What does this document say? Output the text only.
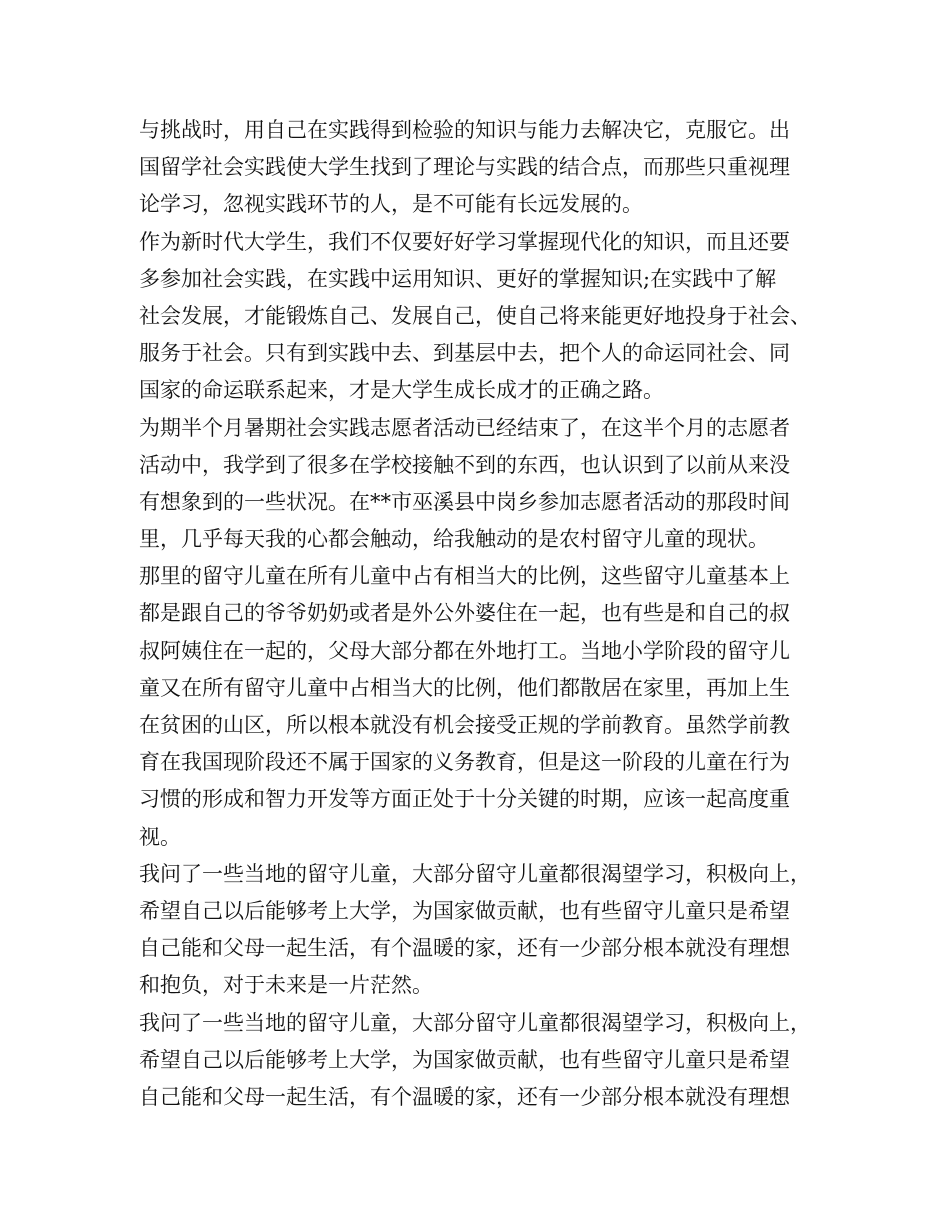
与挑战时，用自己在实践得到检验的知识与能力去解决它，克服它。出
国留学社会实践使大学生找到了理论与实践的结合点，而那些只重视理
论学习，忽视实践环节的人，是不可能有长远发展的。
作为新时代大学生，我们不仅要好好学习掌握现代化的知识，而且还要
多参加社会实践，在实践中运用知识、更好的掌握知识;在实践中了解
社会发展，才能锻炼自己、发展自己，使自己将来能更好地投身于社会、
服务于社会。只有到实践中去、到基层中去，把个人的命运同社会、同
国家的命运联系起来，才是大学生成长成才的正确之路。
为期半个月暑期社会实践志愿者活动已经结束了，在这半个月的志愿者
活动中，我学到了很多在学校接触不到的东西，也认识到了以前从来没
有想象到的一些状况。在**市巫溪县中岗乡参加志愿者活动的那段时间
里，几乎每天我的心都会触动，给我触动的是农村留守儿童的现状。
那里的留守儿童在所有儿童中占有相当大的比例，这些留守儿童基本上
都是跟自己的爷爷奶奶或者是外公外婆住在一起，也有些是和自己的叔
叔阿姨住在一起的，父母大部分都在外地打工。当地小学阶段的留守儿
童又在所有留守儿童中占相当大的比例，他们都散居在家里，再加上生
在贫困的山区，所以根本就没有机会接受正规的学前教育。虽然学前教
育在我国现阶段还不属于国家的义务教育，但是这一阶段的儿童在行为
习惯的形成和智力开发等方面正处于十分关键的时期，应该一起高度重
视。
我问了一些当地的留守儿童，大部分留守儿童都很渴望学习，积极向上，
希望自己以后能够考上大学，为国家做贡献，也有些留守儿童只是希望
自己能和父母一起生活，有个温暖的家，还有一少部分根本就没有理想
和抱负，对于未来是一片茫然。
我问了一些当地的留守儿童，大部分留守儿童都很渴望学习，积极向上，
希望自己以后能够考上大学，为国家做贡献，也有些留守儿童只是希望
自己能和父母一起生活，有个温暖的家，还有一少部分根本就没有理想
